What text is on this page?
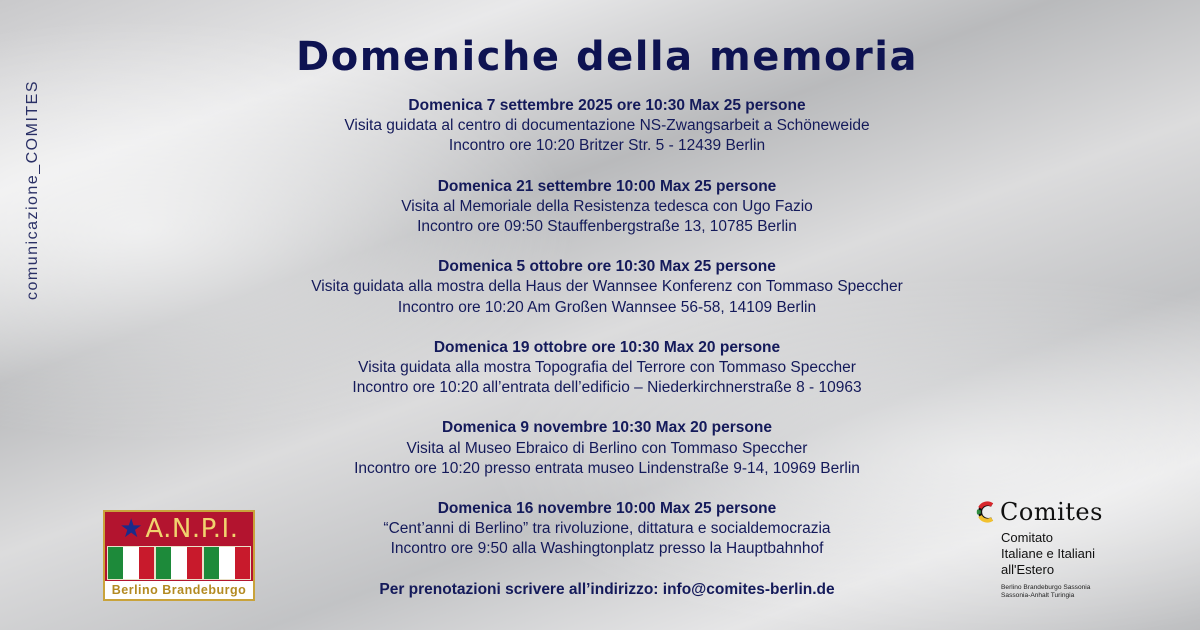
comunicazione_COMITES
Domeniche della memoria
Domenica 7 settembre 2025 ore 10:30 Max 25 persone
Visita guidata al centro di documentazione NS-Zwangsarbeit a Schöneweide
Incontro ore 10:20 Britzer Str. 5 - 12439 Berlin
Domenica 21 settembre 10:00 Max 25 persone
Visita al Memoriale della Resistenza tedesca con Ugo Fazio
Incontro ore 09:50 Stauffenbergstraße 13, 10785 Berlin
Domenica 5 ottobre ore 10:30 Max 25 persone
Visita guidata alla mostra della Haus der Wannsee Konferenz con Tommaso Speccher
Incontro ore 10:20 Am Großen Wannsee 56-58, 14109 Berlin
Domenica 19 ottobre ore 10:30 Max 20 persone
Visita guidata alla mostra Topografia del Terrore con Tommaso Speccher
Incontro ore 10:20 all’entrata dell’edificio – Niederkirchnerstraße 8 - 10963
Domenica 9 novembre 10:30 Max 20 persone
Visita al Museo Ebraico di Berlino con Tommaso Speccher
Incontro ore 10:20 presso entrata museo Lindenstraße 9-14, 10969 Berlin
Domenica 16 novembre 10:00 Max 25 persone
“Cent’anni di Berlino” tra rivoluzione, dittatura e socialdemocrazia
Incontro ore 9:50 alla Washingtonplatz presso la Hauptbahnhof
Per prenotazioni scrivere all’indirizzo: info@comites-berlin.de
★ A.N.P.I.
Berlino Brandeburgo
Comites
Comitato
Italiane e Italiani
all'Estero
Berlino Brandeburgo Sassonia
Sassonia-Anhalt Turingia
